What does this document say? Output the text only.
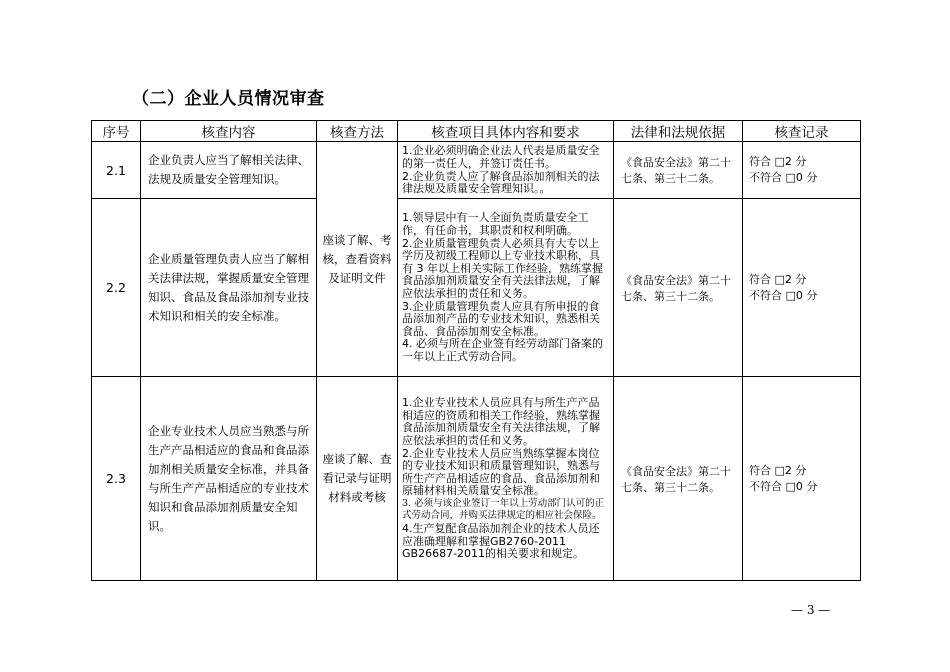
（二）企业人员情况审查
序号	核查内容	核查方法	核查项目具体内容和要求	法律和法规依据	核查记录
2.1	企业负责人应当了解相关法律、法规及质量安全管理知识。	座谈了解、考核，查看资料及证明文件	1.企业必须明确企业法人代表是质量安全的第一责任人，并签订责任书。
2.企业负责人应了解食品添加剂相关的法律法规及质量安全管理知识。。	《食品安全法》第二十七条、第三十二条。	符合 □2 分
不符合 □0 分

2.2	企业质量管理负责人应当了解相关法律法规，掌握质量安全管理知识、食品及食品添加剂专业技术知识和相关的安全标准。		1.领导层中有一人全面负责质量安全工作，有任命书，其职责和权利明确。
2.企业质量管理负责人必须具有大专以上学历及初级工程师以上专业技术职称，具有 3 年以上相关实际工作经验，熟练掌握食品添加剂质量安全有关法律法规，了解应依法承担的责任和义务。
3.企业质量管理负责人应具有所申报的食品添加剂产品的专业技术知识，熟悉相关食品、食品添加剂安全标准。
4. 必须与所在企业签有经劳动部门备案的一年以上正式劳动合同。	《食品安全法》第二十七条、第三十二条。	符合 □2 分
不符合 □0 分

2.3	企业专业技术人员应当熟悉与所生产产品相适应的食品和食品添加剂相关质量安全标准，并具备与所生产产品相适应的专业技术知识和食品添加剂质量安全知识。	座谈了解、查看记录与证明材料或考核	1.企业专业技术人员应具有与所生产产品相适应的资质和相关工作经验，熟练掌握食品添加剂质量安全有关法律法规，了解应依法承担的责任和义务。
2.企业专业技术人员应当熟练掌握本岗位的专业技术知识和质量管理知识，熟悉与所生产产品相适应的食品、食品添加剂和原辅材料相关质量安全标准。
3. 必须与该企业签订一年以上劳动部门认可的正式劳动合同，并购买法律规定的相应社会保险。
4.生产复配食品添加剂企业的技术人员还应准确理解和掌握GB2760-2011 GB26687-2011的相关要求和规定。	《食品安全法》第二十七条、第三十二条。	符合 □2 分
不符合 □0 分
— 3 —
